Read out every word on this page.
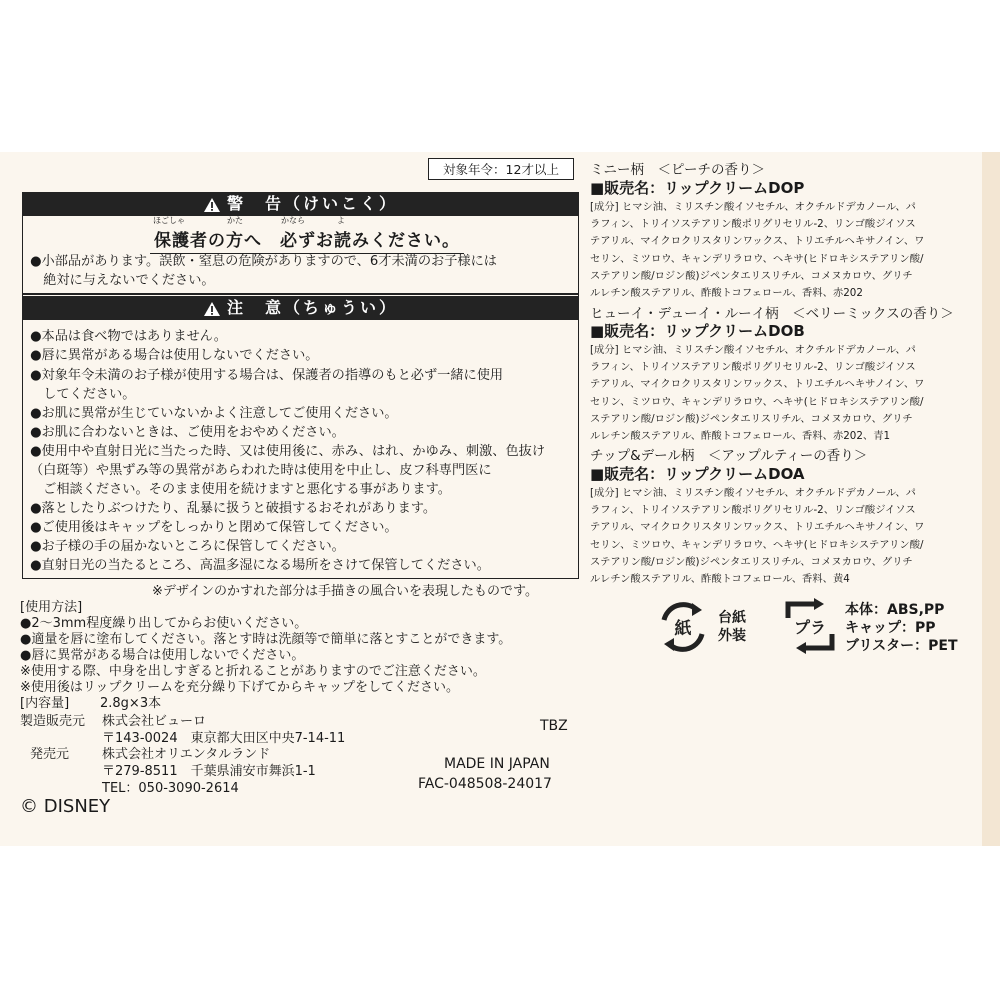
対象年令：12才以上
警　告（けいこく）
ほごしゃ	かた	かなら	よ
保護者の方へ　必ずお読みください。
●小部品があります。誤飲・窒息の危険がありますので、6才未満のお子様には
　絶対に与えないでください。
注　意（ちゅうい）
●本品は食べ物ではありません。
●唇に異常がある場合は使用しないでください。
●対象年令未満のお子様が使用する場合は、保護者の指導のもと必ず一緒に使用
　してください。
●お肌に異常が生じていないかよく注意してご使用ください。
●お肌に合わないときは、ご使用をおやめください。
●使用中や直射日光に当たった時、又は使用後に、赤み、はれ、かゆみ、刺激、色抜け
（白斑等）や黒ずみ等の異常があらわれた時は使用を中止し、皮フ科専門医に
　ご相談ください。そのまま使用を続けますと悪化する事があります。
●落としたりぶつけたり、乱暴に扱うと破損するおそれがあります。
●ご使用後はキャップをしっかりと閉めて保管してください。
●お子様の手の届かないところに保管してください。
●直射日光の当たるところ、高温多湿になる場所をさけて保管してください。
※デザインのかすれた部分は手描きの風合いを表現したものです。
[使用方法]
●2～3mm程度繰り出してからお使いください。
●適量を唇に塗布してください。落とす時は洗顔等で簡単に落とすことができます。
●唇に異常がある場合は使用しないでください。
※使用する際、中身を出しすぎると折れることがありますのでご注意ください。
※使用後はリップクリームを充分繰り下げてからキャップをしてください。
[内容量] 2.8g×3本
製造販売元 株式会社ビューロ
〒143-0024　東京都大田区中央7-14-11
発売元	株式会社オリエンタルランド
〒279-8511　千葉県浦安市舞浜1-1
TEL：050-3090-2614
TBZ
MADE IN JAPAN
FAC-048508-24017
© DISNEY
ミニー柄　＜ピーチの香り＞
■販売名：リップクリームDOP
[成分] ヒマシ油、ミリスチン酸イソセチル、オクチルドデカノール、パ
ラフィン、トリイソステアリン酸ポリグリセリル-2、リンゴ酸ジイソス
テアリル、マイクロクリスタリンワックス、トリエチルヘキサノイン、ワ
セリン、ミツロウ、キャンデリラロウ、ヘキサ(ヒドロキシステアリン酸/
ステアリン酸/ロジン酸)ジペンタエリスリチル、コメヌカロウ、グリチ
ルレチン酸ステアリル、酢酸トコフェロール、香料、赤202
ヒューイ・デューイ・ルーイ柄　＜ベリーミックスの香り＞
■販売名：リップクリームDOB
[成分] ヒマシ油、ミリスチン酸イソセチル、オクチルドデカノール、パ
ラフィン、トリイソステアリン酸ポリグリセリル-2、リンゴ酸ジイソス
テアリル、マイクロクリスタリンワックス、トリエチルヘキサノイン、ワ
セリン、ミツロウ、キャンデリラロウ、ヘキサ(ヒドロキシステアリン酸/
ステアリン酸/ロジン酸)ジペンタエリスリチル、コメヌカロウ、グリチ
ルレチン酸ステアリル、酢酸トコフェロール、香料、赤202、青1
チップ&デール柄　＜アップルティーの香り＞
■販売名：リップクリームDOA
[成分] ヒマシ油、ミリスチン酸イソセチル、オクチルドデカノール、パ
ラフィン、トリイソステアリン酸ポリグリセリル-2、リンゴ酸ジイソス
テアリル、マイクロクリスタリンワックス、トリエチルヘキサノイン、ワ
セリン、ミツロウ、キャンデリラロウ、ヘキサ(ヒドロキシステアリン酸/
ステアリン酸/ロジン酸)ジペンタエリスリチル、コメヌカロウ、グリチ
ルレチン酸ステアリル、酢酸トコフェロール、香料、黄4
紙
台紙
外装	プラ
本体：ABS,PP
キャップ：PP
ブリスター：PET
